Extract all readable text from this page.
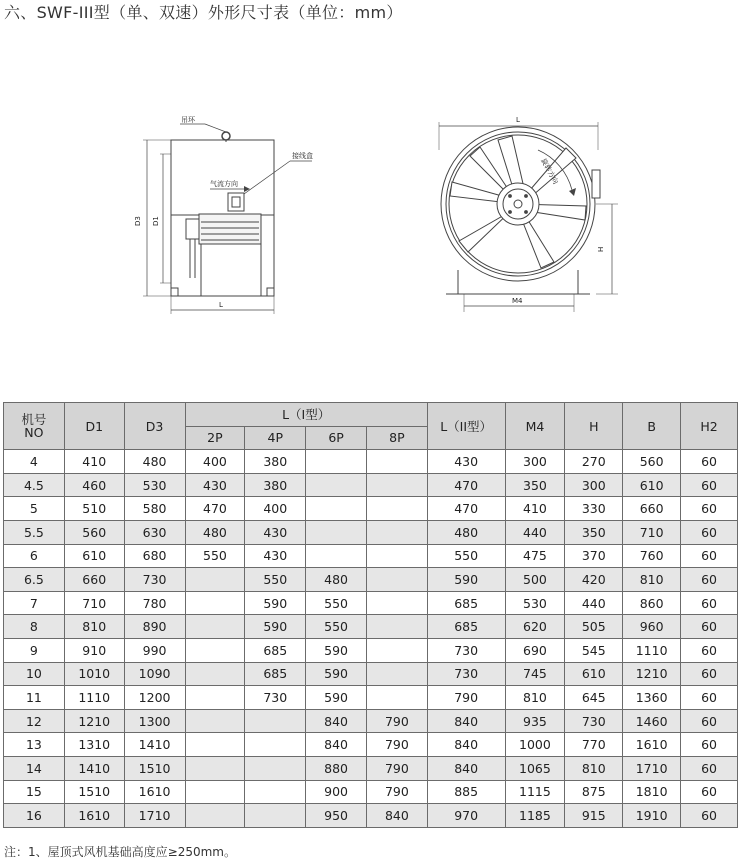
六、SWF-III型（单、双速）外形尺寸表（单位：mm）
吊环
接线盒
气流方向
D3 D1
L
L
旋转方向
H
M4
机号
NO	D1	D3	L（I型）				L（II型）	M4	H	B	H2
			2P	4P	6P	8P					
4	410	480	400	380			430	300	270	560	60
4.5	460	530	430	380			470	350	300	610	60
5	510	580	470	400			470	410	330	660	60
5.5	560	630	480	430			480	440	350	710	60
6	610	680	550	430			550	475	370	760	60
6.5	660	730		550	480		590	500	420	810	60
7	710	780		590	550		685	530	440	860	60
8	810	890		590	550		685	620	505	960	60
9	910	990		685	590		730	690	545	1110	60
10	1010	1090		685	590		730	745	610	1210	60
11	1110	1200		730	590		790	810	645	1360	60
12	1210	1300			840	790	840	935	730	1460	60
13	1310	1410			840	790	840	1000	770	1610	60
14	1410	1510			880	790	840	1065	810	1710	60
15	1510	1610			900	790	885	1115	875	1810	60
16	1610	1710			950	840	970	1185	915	1910	60
注：1、屋顶式风机基础高度应≥250mm。
